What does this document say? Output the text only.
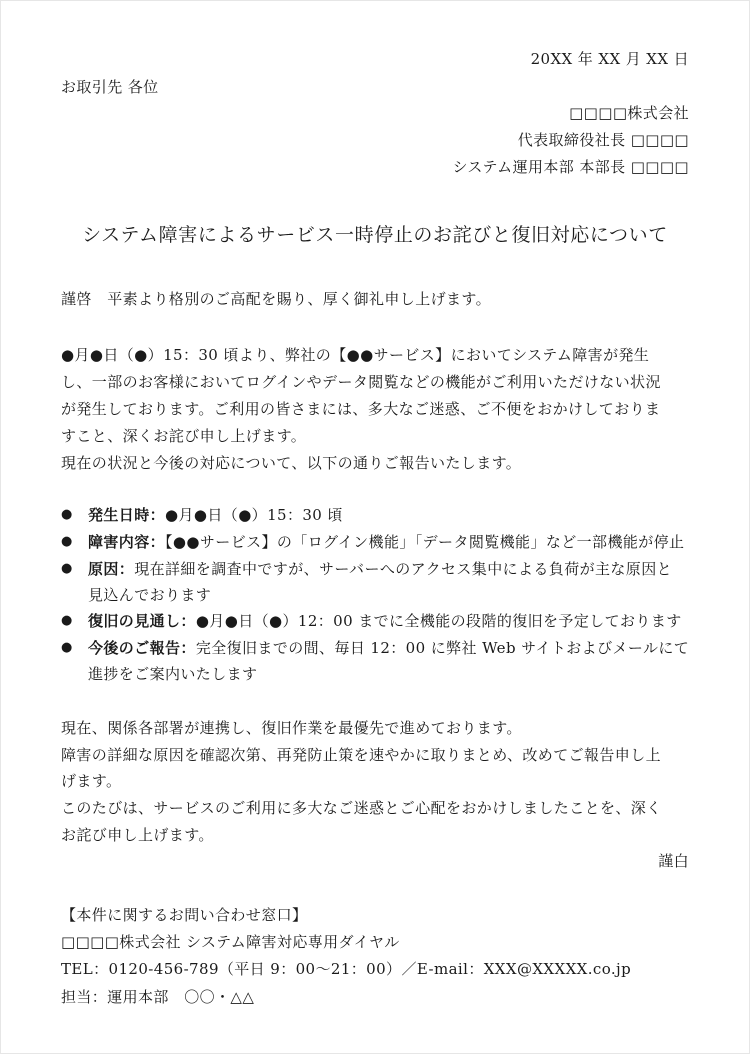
20XX 年 XX 月 XX 日
お取引先 各位
□□□□株式会社
代表取締役社長 □□□□
システム運用本部 本部長 □□□□
システム障害によるサービス一時停止のお詫びと復旧対応について
謹啓　平素より格別のご高配を賜り、厚く御礼申し上げます。
●月●日（●）15：30 頃より、弊社の【●●サービス】においてシステム障害が発生
し、一部のお客様においてログインやデータ閲覧などの機能がご利用いただけない状況
が発生しております。ご利用の皆さまには、多大なご迷惑、ご不便をおかけしておりま
すこと、深くお詫び申し上げます。
現在の状況と今後の対応について、以下の通りご報告いたします。
●	発生日時：●月●日（●）15：30 頃
●	障害内容：【●●サービス】の「ログイン機能」「データ閲覧機能」など一部機能が停止
●	原因：現在詳細を調査中ですが、サーバーへのアクセス集中による負荷が主な原因と
見込んでおります
●	復旧の見通し：●月●日（●）12：00 までに全機能の段階的復旧を予定しております
●	今後のご報告：完全復旧までの間、毎日 12：00 に弊社 Web サイトおよびメールにて
進捗をご案内いたします
現在、関係各部署が連携し、復旧作業を最優先で進めております。
障害の詳細な原因を確認次第、再発防止策を速やかに取りまとめ、改めてご報告申し上
げます。
このたびは、サービスのご利用に多大なご迷惑とご心配をおかけしましたことを、深く
お詫び申し上げます。
謹白
【本件に関するお問い合わせ窓口】
□□□□株式会社 システム障害対応専用ダイヤル
TEL：0120-456-789（平日 9：00〜21：00）／E-mail：XXX@XXXXX.co.jp
担当：運用本部　〇〇・△△
